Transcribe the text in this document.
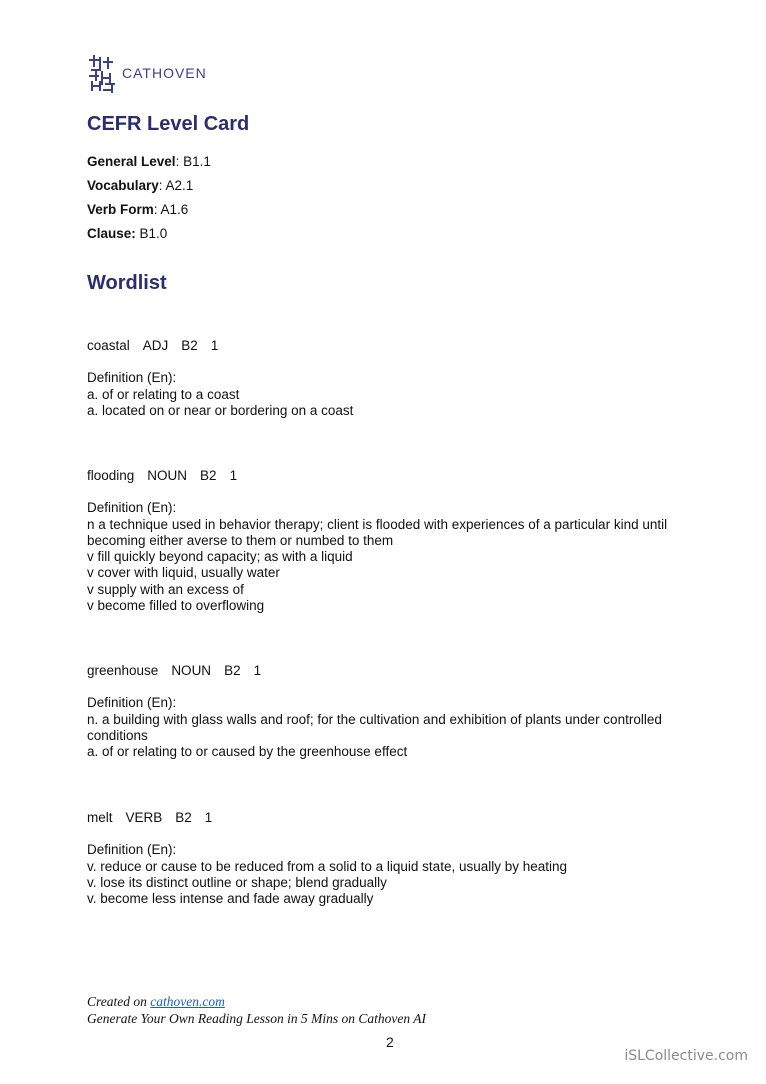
CATHOVEN
CEFR Level Card
General Level: B1.1
Vocabulary: A2.1
Verb Form: A1.6
Clause: B1.0
Wordlist
coastal ADJ B2 1
Definition (En):
a. of or relating to a coast
a. located on or near or bordering on a coast
flooding NOUN B2 1
Definition (En):
n a technique used in behavior therapy; client is flooded with experiences of a particular kind until becoming either averse to them or numbed to them
v fill quickly beyond capacity; as with a liquid
v cover with liquid, usually water
v supply with an excess of
v become filled to overflowing
greenhouse NOUN B2 1
Definition (En):
n. a building with glass walls and roof; for the cultivation and exhibition of plants under controlled conditions
a. of or relating to or caused by the greenhouse effect
melt VERB B2 1
Definition (En):
v. reduce or cause to be reduced from a solid to a liquid state, usually by heating
v. lose its distinct outline or shape; blend gradually
v. become less intense and fade away gradually
Created on cathoven.com
Generate Your Own Reading Lesson in 5 Mins on Cathoven AI
2
iSLCollective.com
